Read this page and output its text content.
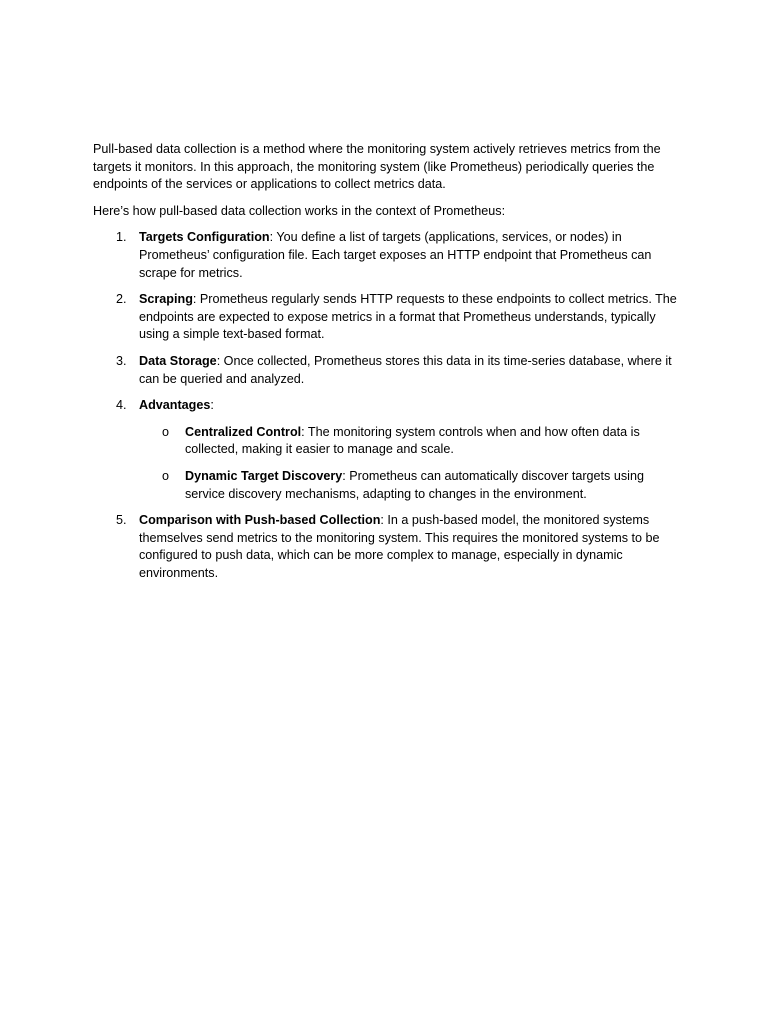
Pull-based data collection is a method where the monitoring system actively retrieves metrics from the targets it monitors. In this approach, the monitoring system (like Prometheus) periodically queries the endpoints of the services or applications to collect metrics data.

Here’s how pull-based data collection works in the context of Prometheus:

1. Targets Configuration: You define a list of targets (applications, services, or nodes) in Prometheus’ configuration file. Each target exposes an HTTP endpoint that Prometheus can scrape for metrics.
2. Scraping: Prometheus regularly sends HTTP requests to these endpoints to collect metrics. The endpoints are expected to expose metrics in a format that Prometheus understands, typically using a simple text-based format.
3. Data Storage: Once collected, Prometheus stores this data in its time-series database, where it can be queried and analyzed.
4. Advantages:
o Centralized Control: The monitoring system controls when and how often data is collected, making it easier to manage and scale.
o Dynamic Target Discovery: Prometheus can automatically discover targets using service discovery mechanisms, adapting to changes in the environment.
5. Comparison with Push-based Collection: In a push-based model, the monitored systems themselves send metrics to the monitoring system. This requires the monitored systems to be configured to push data, which can be more complex to manage, especially in dynamic environments.
